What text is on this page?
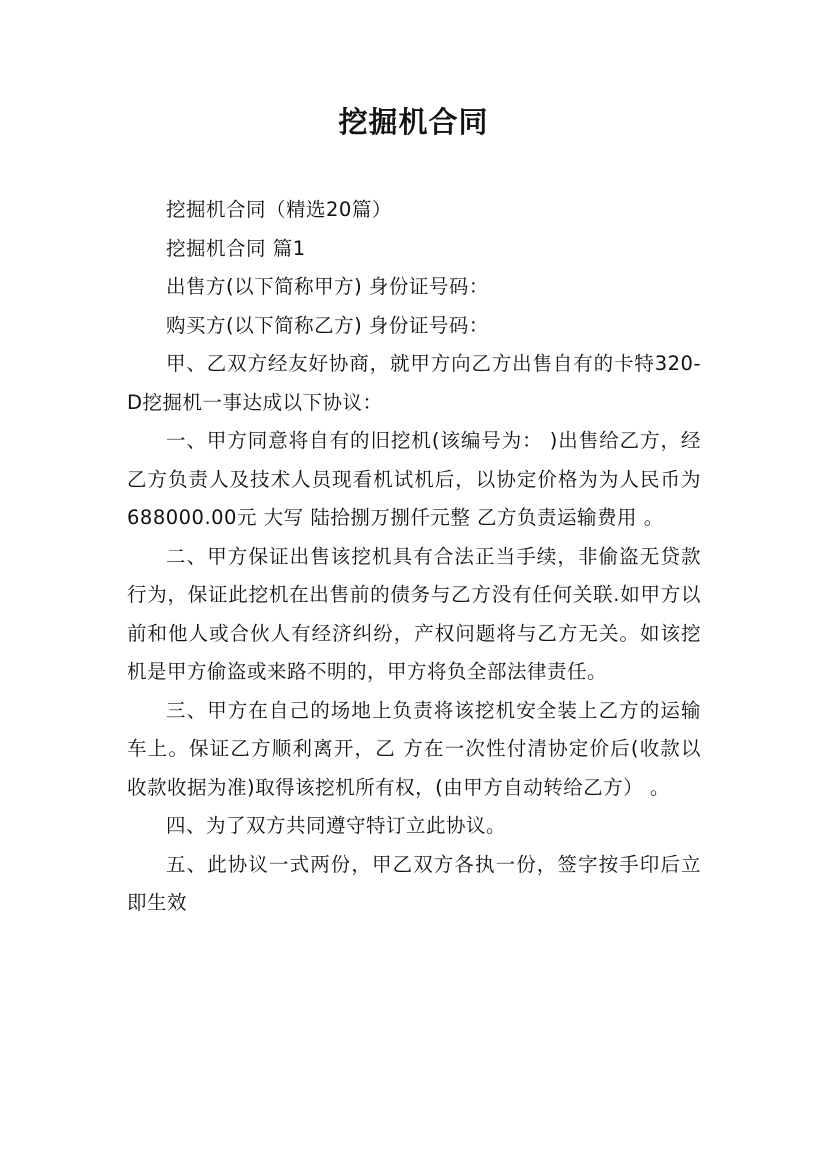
挖掘机合同

挖掘机合同（精选20篇）

挖掘机合同 篇1

出售方(以下简称甲方) 身份证号码：

购买方(以下简称乙方) 身份证号码：

甲、乙双方经友好协商，就甲方向乙方出售自有的卡特320-D挖掘机一事达成以下协议：

一、甲方同意将自有的旧挖机(该编号为： )出售给乙方，经乙方负责人及技术人员现看机试机后，以协定价格为为人民币为688000.00元 大写 陆拾捌万捌仟元整 乙方负责运输费用 。

二、甲方保证出售该挖机具有合法正当手续，非偷盗无贷款行为，保证此挖机在出售前的债务与乙方没有任何关联.如甲方以前和他人或合伙人有经济纠纷，产权问题将与乙方无关。如该挖机是甲方偷盗或来路不明的，甲方将负全部法律责任。

三、甲方在自己的场地上负责将该挖机安全装上乙方的运输车上。保证乙方顺利离开，乙 方在一次性付清协定价后(收款以收款收据为准)取得该挖机所有权，(由甲方自动转给乙方） 。

四、为了双方共同遵守特订立此协议。

五、此协议一式两份，甲乙双方各执一份，签字按手印后立即生效
